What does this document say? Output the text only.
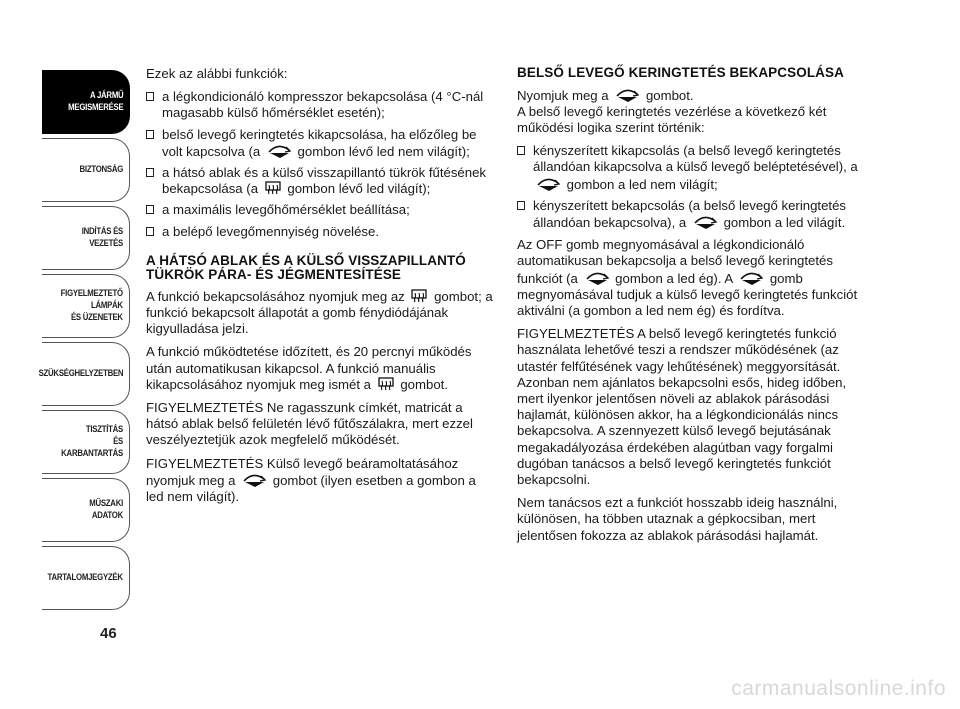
A JÁRMŰ
MEGISMERÉSE
BIZTONSÁG
INDÍTÁS ÉS VEZETÉS
FIGYELMEZTETŐ
LÁMPÁK
ÉS ÜZENETEK
SZÜKSÉGHELYZETBEN
TISZTÍTÁS
ÉS KARBANTARTÁS
MŰSZAKI ADATOK
TARTALOMJEGYZÉK
46

Ezek az alábbi funkciók:

a légkondicionáló kompresszor bekapcsolása (4 °C-nál magasabb külső hőmérséklet esetén);
belső levegő keringtetés kikapcsolása, ha előzőleg be volt kapcsolva (a  gombon lévő led nem világít);
a hátsó ablak és a külső visszapillantó tükrök fűtésének bekapcsolása (a  gombon lévő led világít);
a maximális levegőhőmérséklet beállítása;
a belépő levegőmennyiség növelése.
A HÁTSÓ ABLAK ÉS A KÜLSŐ VISSZAPILLANTÓ TÜKRÖK PÁRA- ÉS JÉGMENTESÍTÉSE

A funkció bekapcsolásához nyomjuk meg az  gombot; a funkció bekapcsolt állapotát a gomb fénydiódájának kigyulladása jelzi.

A funkció működtetése időzített, és 20 percnyi működés után automatikusan kikapcsol. A funkció manuális kikapcsolásához nyomjuk meg ismét a  gombot.

FIGYELMEZTETÉS Ne ragasszunk címkét, matricát a hátsó ablak belső felületén lévő fűtőszálakra, mert ezzel veszélyeztetjük azok megfelelő működését.

FIGYELMEZTETÉS Külső levegő beáramoltatásához nyomjuk meg a  gombot (ilyen esetben a gombon a led nem világít).

BELSŐ LEVEGŐ KERINGTETÉS BEKAPCSOLÁSA

Nyomjuk meg a  gombot.

A belső levegő keringtetés vezérlése a következő két működési logika szerint történik:

kényszerített kikapcsolás (a belső levegő keringtetés állandóan kikapcsolva a külső levegő beléptetésével), a  gombon a led nem világít;
kényszerített bekapcsolás (a belső levegő keringtetés állandóan bekapcsolva), a  gombon a led világít.

Az OFF gomb megnyomásával a légkondicionáló automatikusan bekapcsolja a belső levegő keringtetés funkciót (a  gombon a led ég). A  gomb megnyomásával tudjuk a külső levegő keringtetés funkciót aktiválni (a gombon a led nem ég) és fordítva.

FIGYELMEZTETÉS A belső levegő keringtetés funkció használata lehetővé teszi a rendszer működésének (az utastér felfűtésének vagy lehűtésének) meggyorsítását. Azonban nem ajánlatos bekapcsolni esős, hideg időben, mert ilyenkor jelentősen növeli az ablakok párásodási hajlamát, különösen akkor, ha a légkondicionálás nincs bekapcsolva. A szennyezett külső levegő bejutásának megakadályozása érdekében alagútban vagy forgalmi dugóban tanácsos a belső levegő keringtetés funkciót bekapcsolni.

Nem tanácsos ezt a funkciót hosszabb ideig használni, különösen, ha többen utaznak a gépkocsiban, mert jelentősen fokozza az ablakok párásodási hajlamát.

carmanualsonline.info
